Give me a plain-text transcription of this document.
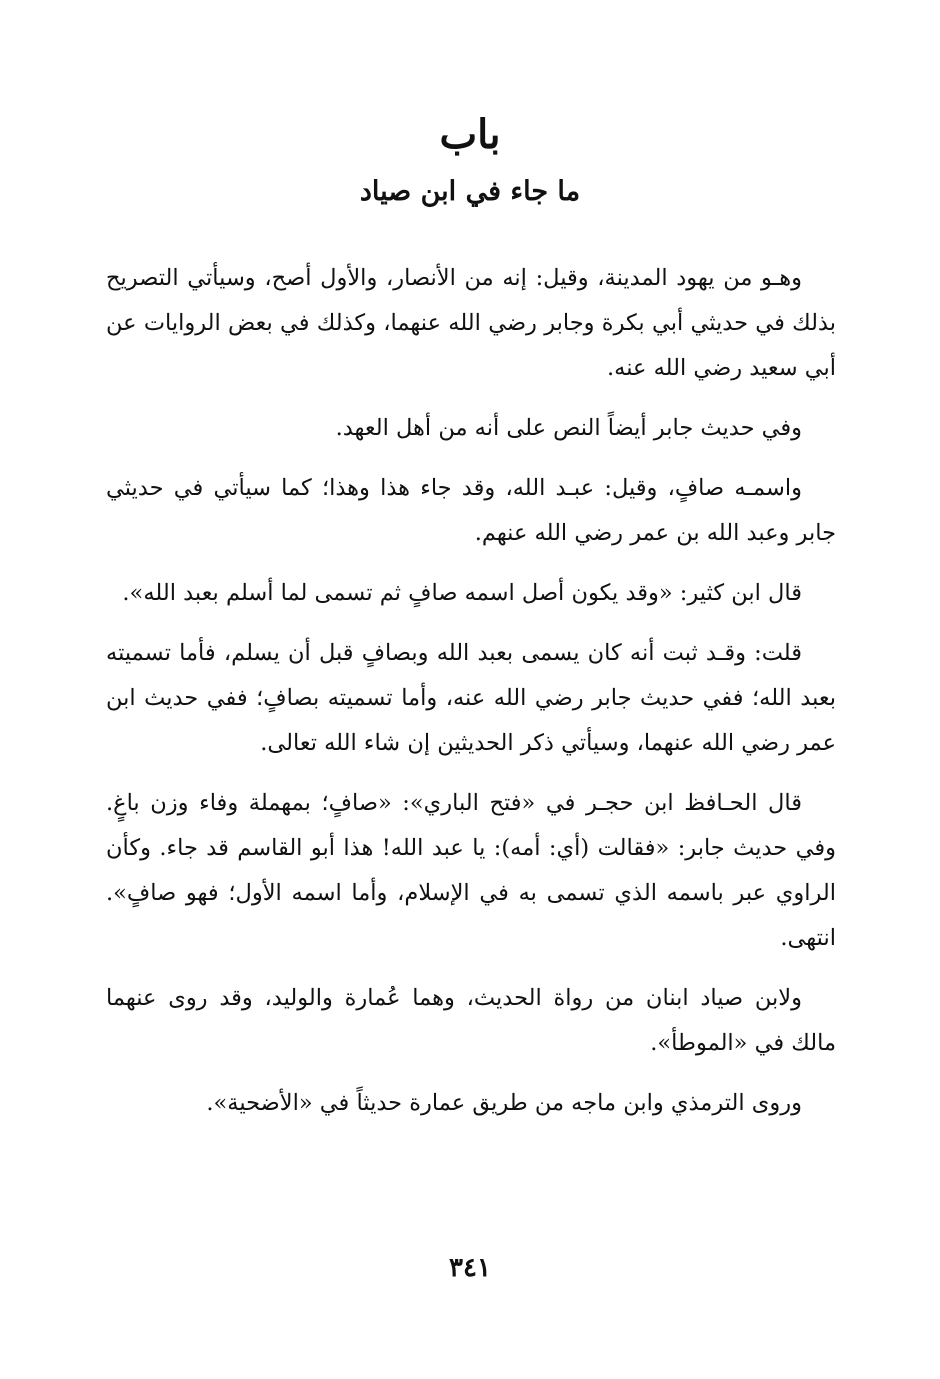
باب
ما جاء في ابن صياد

وهـو من يهود المدينة، وقيل: إنه من الأنصار، والأول أصح، وسيأتي التصريح بذلك في حديثي أبي بكرة وجابر رضي الله عنهما، وكذلك في بعض الروايات عن أبي سعيد رضي الله عنه.

وفي حديث جابر أيضاً النص على أنه من أهل العهد.

واسمـه صافٍ، وقيل: عبـد الله، وقد جاء هذا وهذا؛ كما سيأتي في حديثي جابر وعبد الله بن عمر رضي الله عنهم.

قال ابن كثير: «وقد يكون أصل اسمه صافٍ ثم تسمى لما أسلم بعبد الله».

قلت: وقـد ثبت أنه كان يسمى بعبد الله وبصافٍ قبل أن يسلم، فأما تسميته بعبد الله؛ ففي حديث جابر رضي الله عنه، وأما تسميته بصافٍ؛ ففي حديث ابن عمر رضي الله عنهما، وسيأتي ذكر الحديثين إن شاء الله تعالى.

قال الحـافظ ابن حجـر في «فتح الباري»: «صافٍ؛ بمهملة وفاء وزن باغٍ. وفي حديث جابر: «فقالت (أي: أمه): يا عبد الله! هذا أبو القاسم قد جاء. وكأن الراوي عبر باسمه الذي تسمى به في الإسلام، وأما اسمه الأول؛ فهو صافٍ». انتهى.

ولابن صياد ابنان من رواة الحديث، وهما عُمارة والوليد، وقد روى عنهما مالك في «الموطأ».

وروى الترمذي وابن ماجه من طريق عمارة حديثاً في «الأضحية».

٣٤١
